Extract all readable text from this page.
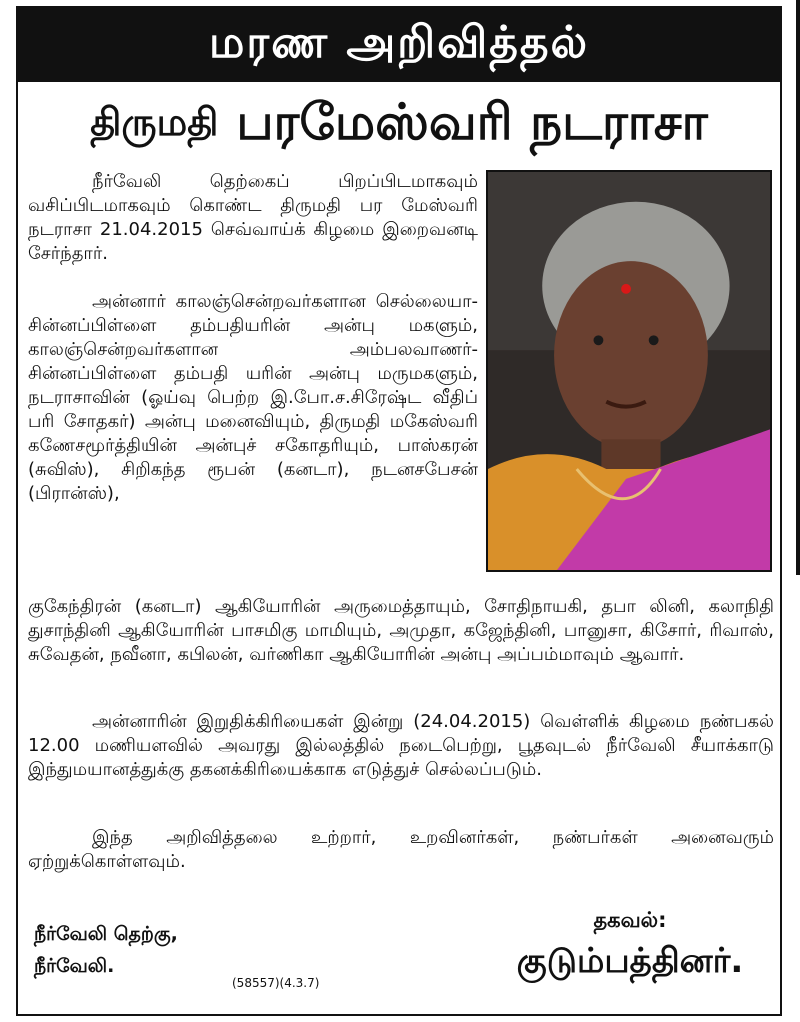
மரண அறிவித்தல்
திருமதி பரமேஸ்வரி நடராசா
நீர்வேலி தெற்கைப் பிறப்பிடமாகவும் வசிப்பிடமாகவும் கொண்ட திருமதி பர மேஸ்வரி நடராசா 21.04.2015 செவ்வாய்க் கிழமை இறைவனடி சேர்ந்தார்.
அன்னார் காலஞ்சென்றவர்களான செல்லையா-சின்னப்பிள்ளை தம்பதியரின் அன்பு மகளும், காலஞ்சென்றவர்களான அம்பலவாணர்- சின்னப்பிள்ளை தம்பதி யரின் அன்பு மருமகளும், நடராசாவின் (ஓய்வு பெற்ற இ.போ.ச.சிரேஷ்ட வீதிப் பரி சோதகர்) அன்பு மனைவியும், திருமதி மகேஸ்வரி கணேசமூர்த்தியின் அன்புச் சகோதரியும், பாஸ்கரன் (சுவிஸ்), சிறிகந்த ரூபன் (கனடா), நடனசபேசன் (பிரான்ஸ்),
குகேந்திரன் (கனடா) ஆகியோரின் அருமைத்தாயும், சோதிநாயகி, தபா லினி, கலாநிதி துசாந்தினி ஆகியோரின் பாசமிகு மாமியும், அமுதா, கஜேந்தினி, பானுசா, கிசோர், ரிவாஸ், சுவேதன், நவீனா, கபிலன், வர்ணிகா ஆகியோரின் அன்பு அப்பம்மாவும் ஆவார்.
அன்னாரின் இறுதிக்கிரியைகள் இன்று (24.04.2015) வெள்ளிக் கிழமை நண்பகல் 12.00 மணியளவில் அவரது இல்லத்தில் நடைபெற்று, பூதவுடல் நீர்வேலி சீயாக்காடு இந்துமயானத்துக்கு தகனக்கிரியைக்காக எடுத்துச் செல்லப்படும்.
இந்த அறிவித்தலை உற்றார், உறவினர்கள், நண்பர்கள் அனைவரும் ஏற்றுக்கொள்ளவும்.
நீர்வேலி தெற்கு,
நீர்வேலி.
(58557)(4.3.7)
தகவல்:
குடும்பத்தினர்.
